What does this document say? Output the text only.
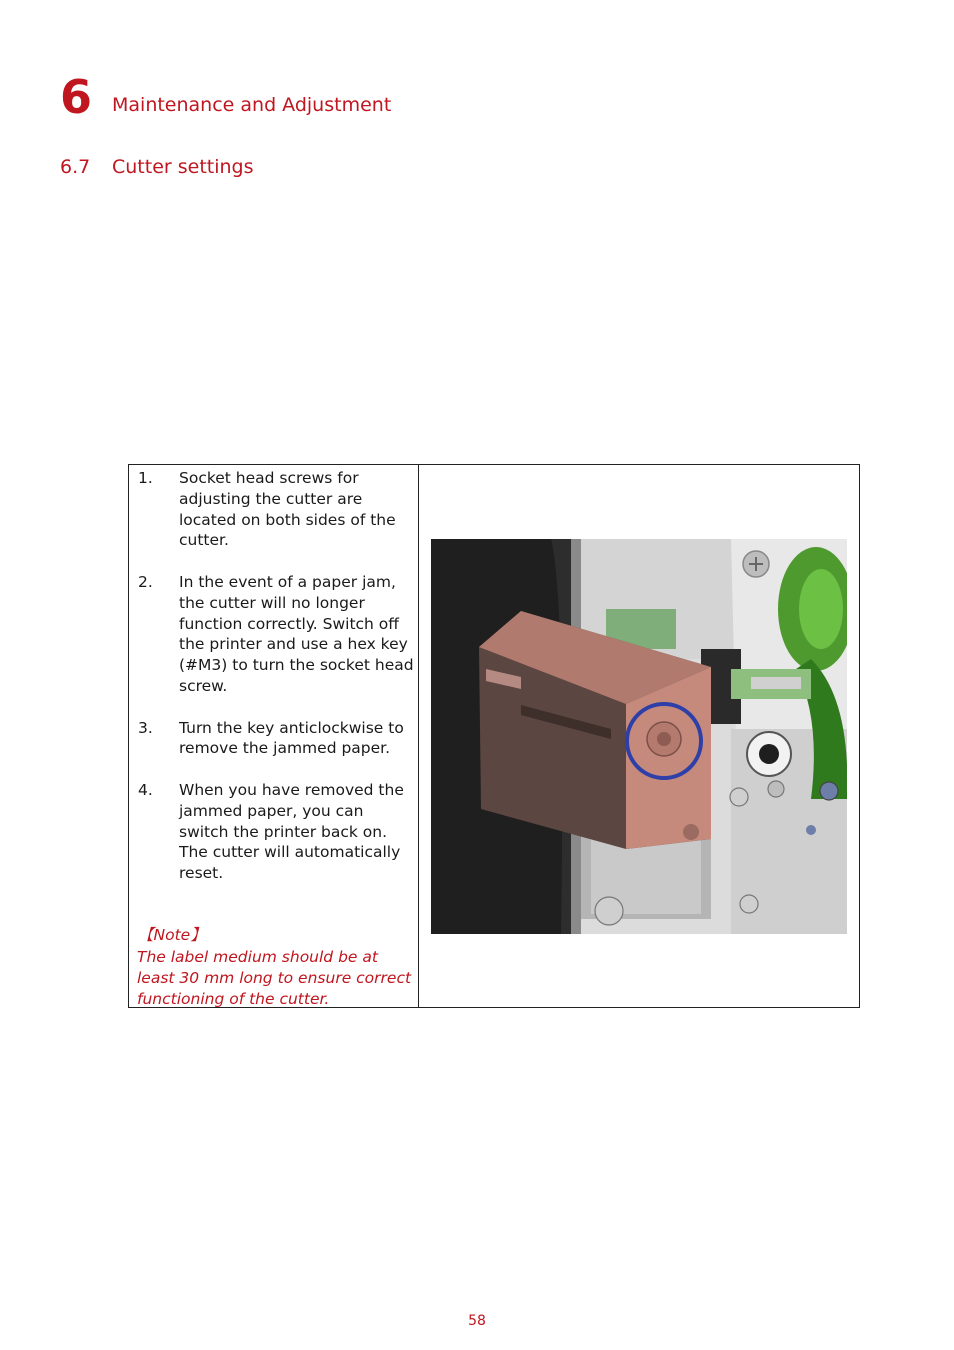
6 Maintenance and Adjustment
6.7 Cutter settings
1. Socket head screws for adjusting the cutter are located on both sides of the cutter.
2. In the event of a paper jam, the cutter will no longer function correctly. Switch off the printer and use a hex key (#M3) to turn the socket head screw.
3. Turn the key anticlockwise to remove the jammed paper.
4. When you have removed the jammed paper, you can switch the printer back on. The cutter will automatically reset.
【Note】
The label medium should be at least 30 mm long to ensure correct functioning of the cutter.
58
